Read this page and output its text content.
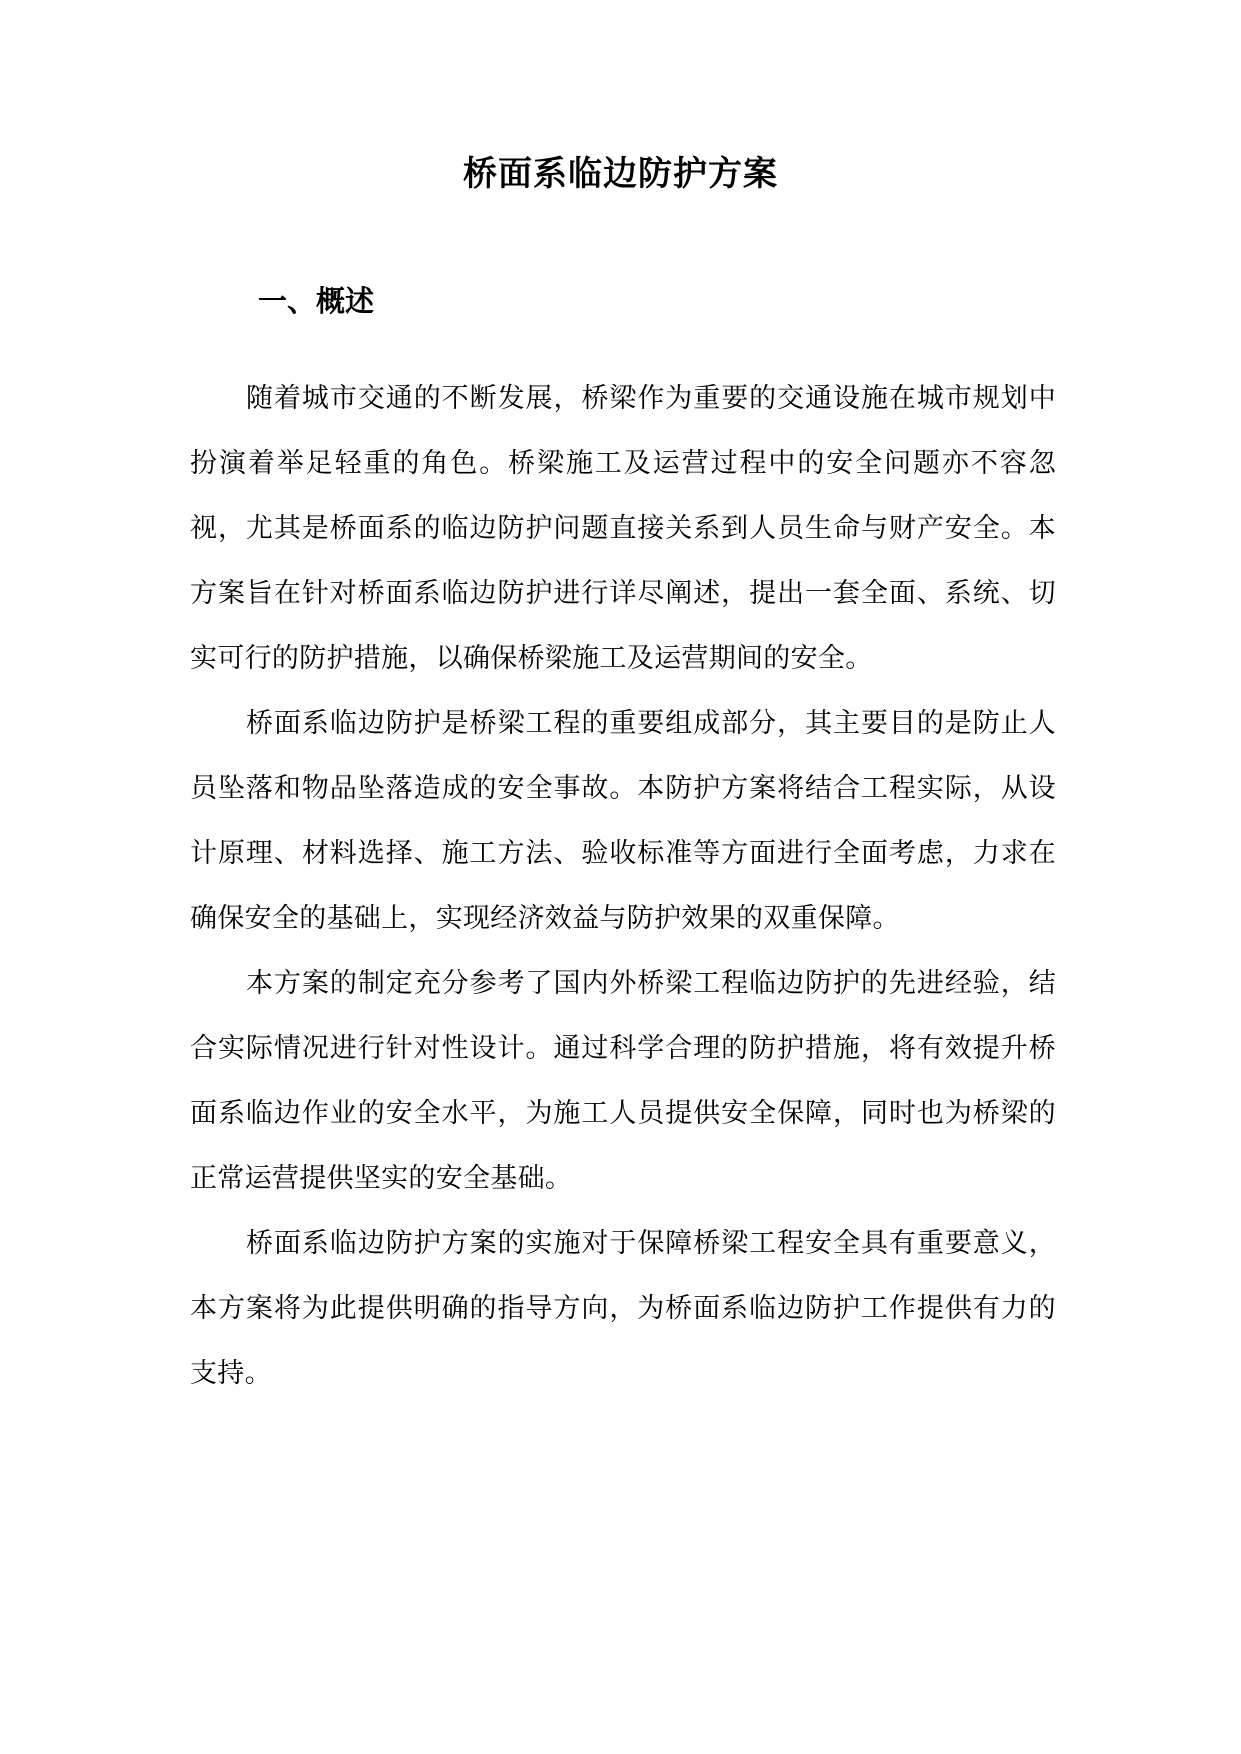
桥面系临边防护方案
一、概述

随着城市交通的不断发展，桥梁作为重要的交通设施在城市规划中扮演着举足轻重的角色。桥梁施工及运营过程中的安全问题亦不容忽视，尤其是桥面系的临边防护问题直接关系到人员生命与财产安全。本方案旨在针对桥面系临边防护进行详尽阐述，提出一套全面、系统、切实可行的防护措施，以确保桥梁施工及运营期间的安全。

桥面系临边防护是桥梁工程的重要组成部分，其主要目的是防止人员坠落和物品坠落造成的安全事故。本防护方案将结合工程实际，从设计原理、材料选择、施工方法、验收标准等方面进行全面考虑，力求在确保安全的基础上，实现经济效益与防护效果的双重保障。

本方案的制定充分参考了国内外桥梁工程临边防护的先进经验，结合实际情况进行针对性设计。通过科学合理的防护措施，将有效提升桥面系临边作业的安全水平，为施工人员提供安全保障，同时也为桥梁的正常运营提供坚实的安全基础。

桥面系临边防护方案的实施对于保障桥梁工程安全具有重要意义，本方案将为此提供明确的指导方向，为桥面系临边防护工作提供有力的支持。
